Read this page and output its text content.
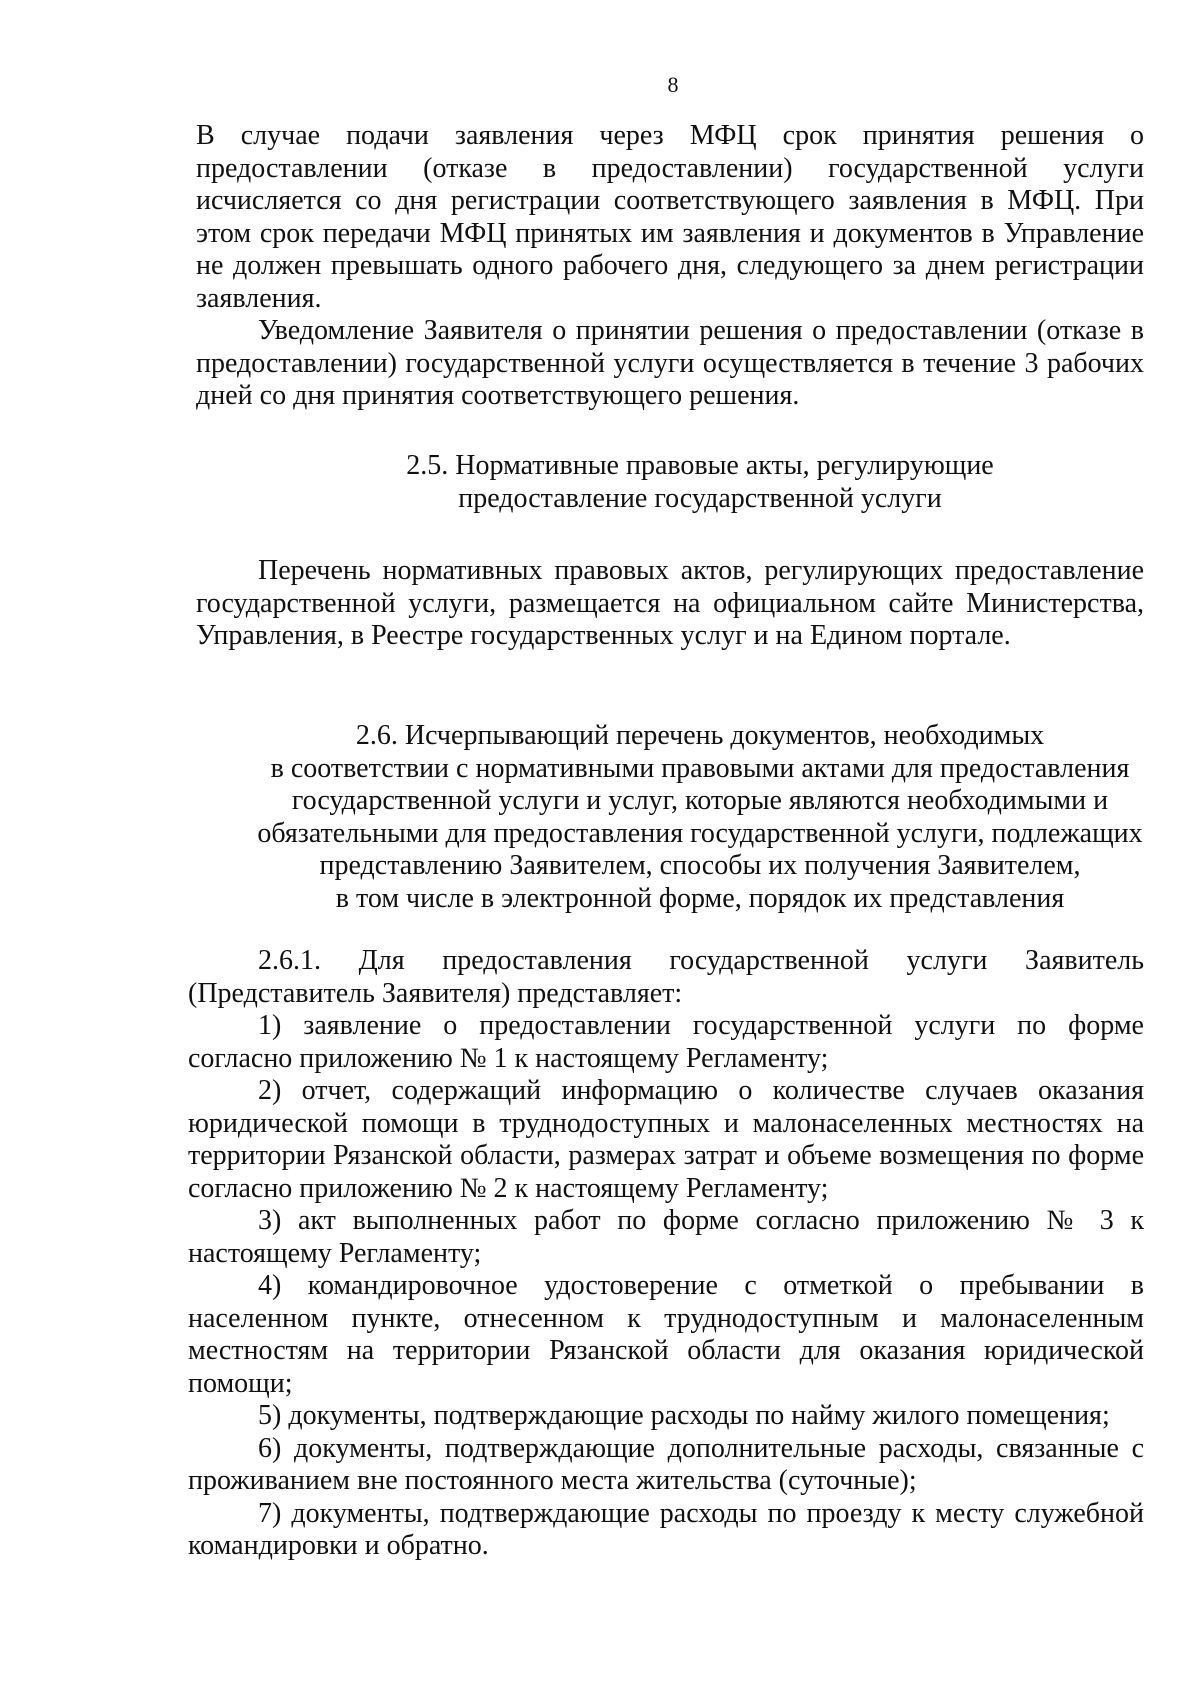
8

В случае подачи заявления через МФЦ срок принятия решения о предоставлении (отказе в предоставлении) государственной услуги исчисляется со дня регистрации соответствующего заявления в МФЦ. При этом срок передачи МФЦ принятых им заявления и документов в Управление не должен превышать одного рабочего дня, следующего за днем регистрации заявления.

Уведомление Заявителя о принятии решения о предоставлении (отказе в предоставлении) государственной услуги осуществляется в течение 3 рабочих дней со дня принятия соответствующего решения.

2.5. Нормативные правовые акты, регулирующие
предоставление государственной услуги

Перечень нормативных правовых актов, регулирующих предоставление государственной услуги, размещается на официальном сайте Министерства, Управления, в Реестре государственных услуг и на Едином портале.

2.6. Исчерпывающий перечень документов, необходимых
в соответствии с нормативными правовыми актами для предоставления
государственной услуги и услуг, которые являются необходимыми и
обязательными для предоставления государственной услуги, подлежащих
представлению Заявителем, способы их получения Заявителем,
в том числе в электронной форме, порядок их представления

2.6.1. Для предоставления государственной услуги Заявитель (Представитель Заявителя) представляет:

1) заявление о предоставлении государственной услуги по форме согласно приложению № 1 к настоящему Регламенту;

2) отчет, содержащий информацию о количестве случаев оказания юридической помощи в труднодоступных и малонаселенных местностях на территории Рязанской области, размерах затрат и объеме возмещения по форме согласно приложению № 2 к настоящему Регламенту;

3) акт выполненных работ по форме согласно приложению № 3 к настоящему Регламенту;

4) командировочное удостоверение с отметкой о пребывании в населенном пункте, отнесенном к труднодоступным и малонаселенным местностям на территории Рязанской области для оказания юридической помощи;

5) документы, подтверждающие расходы по найму жилого помещения;

6) документы, подтверждающие дополнительные расходы, связанные с проживанием вне постоянного места жительства (суточные);

7) документы, подтверждающие расходы по проезду к месту служебной командировки и обратно.
